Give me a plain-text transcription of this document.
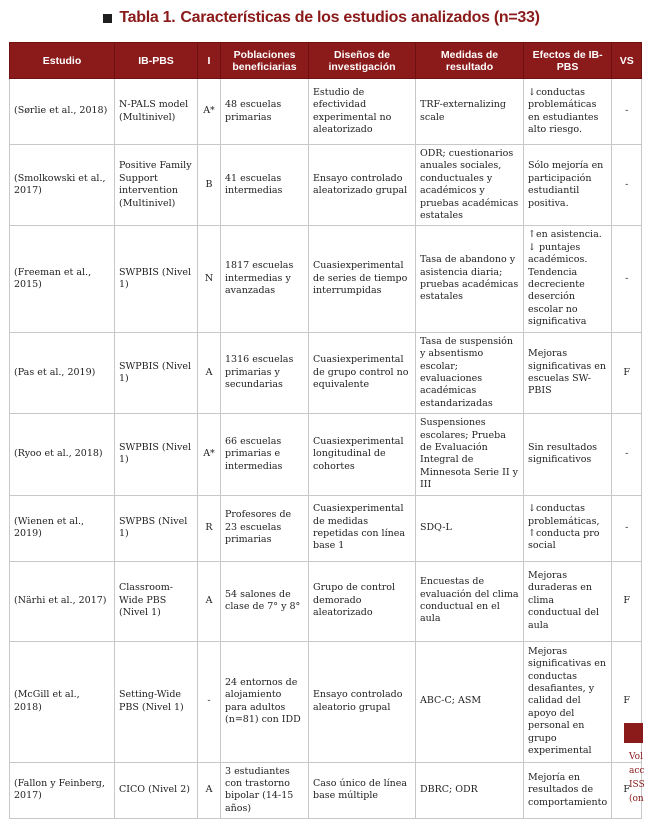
Tabla 1. Características de los estudios analizados (n=33)
Estudio	IB-PBS	I	Poblaciones beneficiarias	Diseños de investigación	Medidas de resultado	Efectos de IB-PBS	VS
(Sørlie et al., 2018)	N-PALS model (Multinivel)	A*	48 escuelas primarias	Estudio de efectividad experimental no aleatorizado	TRF-externalizing scale	↓conductas problemáticas en estudiantes alto riesgo.	-
(Smolkowski et al., 2017)	Positive Family Support intervention (Multinivel)	B	41 escuelas intermedias	Ensayo controlado aleatorizado grupal	ODR; cuestionarios anuales sociales, conductuales y académicos y pruebas académicas estatales	Sólo mejoría en participación estudiantil positiva.	-
(Freeman et al., 2015)	SWPBIS (Nivel 1)	N	1817 escuelas intermedias y avanzadas	Cuasiexperimental de series de tiempo interrumpidas	Tasa de abandono y asistencia diaria; pruebas académicas estatales	↑en asistencia. ↓ puntajes académicos. Tendencia decreciente deserción escolar no significativa	-
(Pas et al., 2019)	SWPBIS (Nivel 1)	A	1316 escuelas primarias y secundarias	Cuasiexperimental de grupo control no equivalente	Tasa de suspensión y absentismo escolar; evaluaciones académicas estandarizadas	Mejoras significativas en escuelas SW-PBIS	F
(Ryoo et al., 2018)	SWPBIS (Nivel 1)	A*	66 escuelas primarias e intermedias	Cuasiexperimental longitudinal de cohortes	Suspensiones escolares; Prueba de Evaluación Integral de Minnesota Serie II y III	Sin resultados significativos	-
(Wienen et al., 2019)	SWPBS (Nivel 1)	R	Profesores de 23 escuelas primarias	Cuasiexperimental de medidas repetidas con línea base 1	SDQ-L	↓conductas problemáticas, ↑conducta pro social	-
(Närhi et al., 2017)	Classroom-Wide PBS (Nivel 1)	A	54 salones de clase de 7° y 8°	Grupo de control demorado aleatorizado	Encuestas de evaluación del clima conductual en el aula	Mejoras duraderas en clima conductual del aula	F
(McGill et al., 2018)	Setting-Wide PBS (Nivel 1)	-	24 entornos de alojamiento para adultos (n=81) con IDD	Ensayo controlado aleatorio grupal	ABC-C; ASM	Mejoras significativas en conductas desafiantes, y calidad del apoyo del personal en grupo experimental	F
(Fallon y Feinberg, 2017)	CICO (Nivel 2)	A	3 estudiantes con trastorno bipolar (14-15 años)	Caso único de línea base múltiple	DBRC; ODR	Mejoría en resultados de comportamiento	F
Vol
acc
ISS
(on
